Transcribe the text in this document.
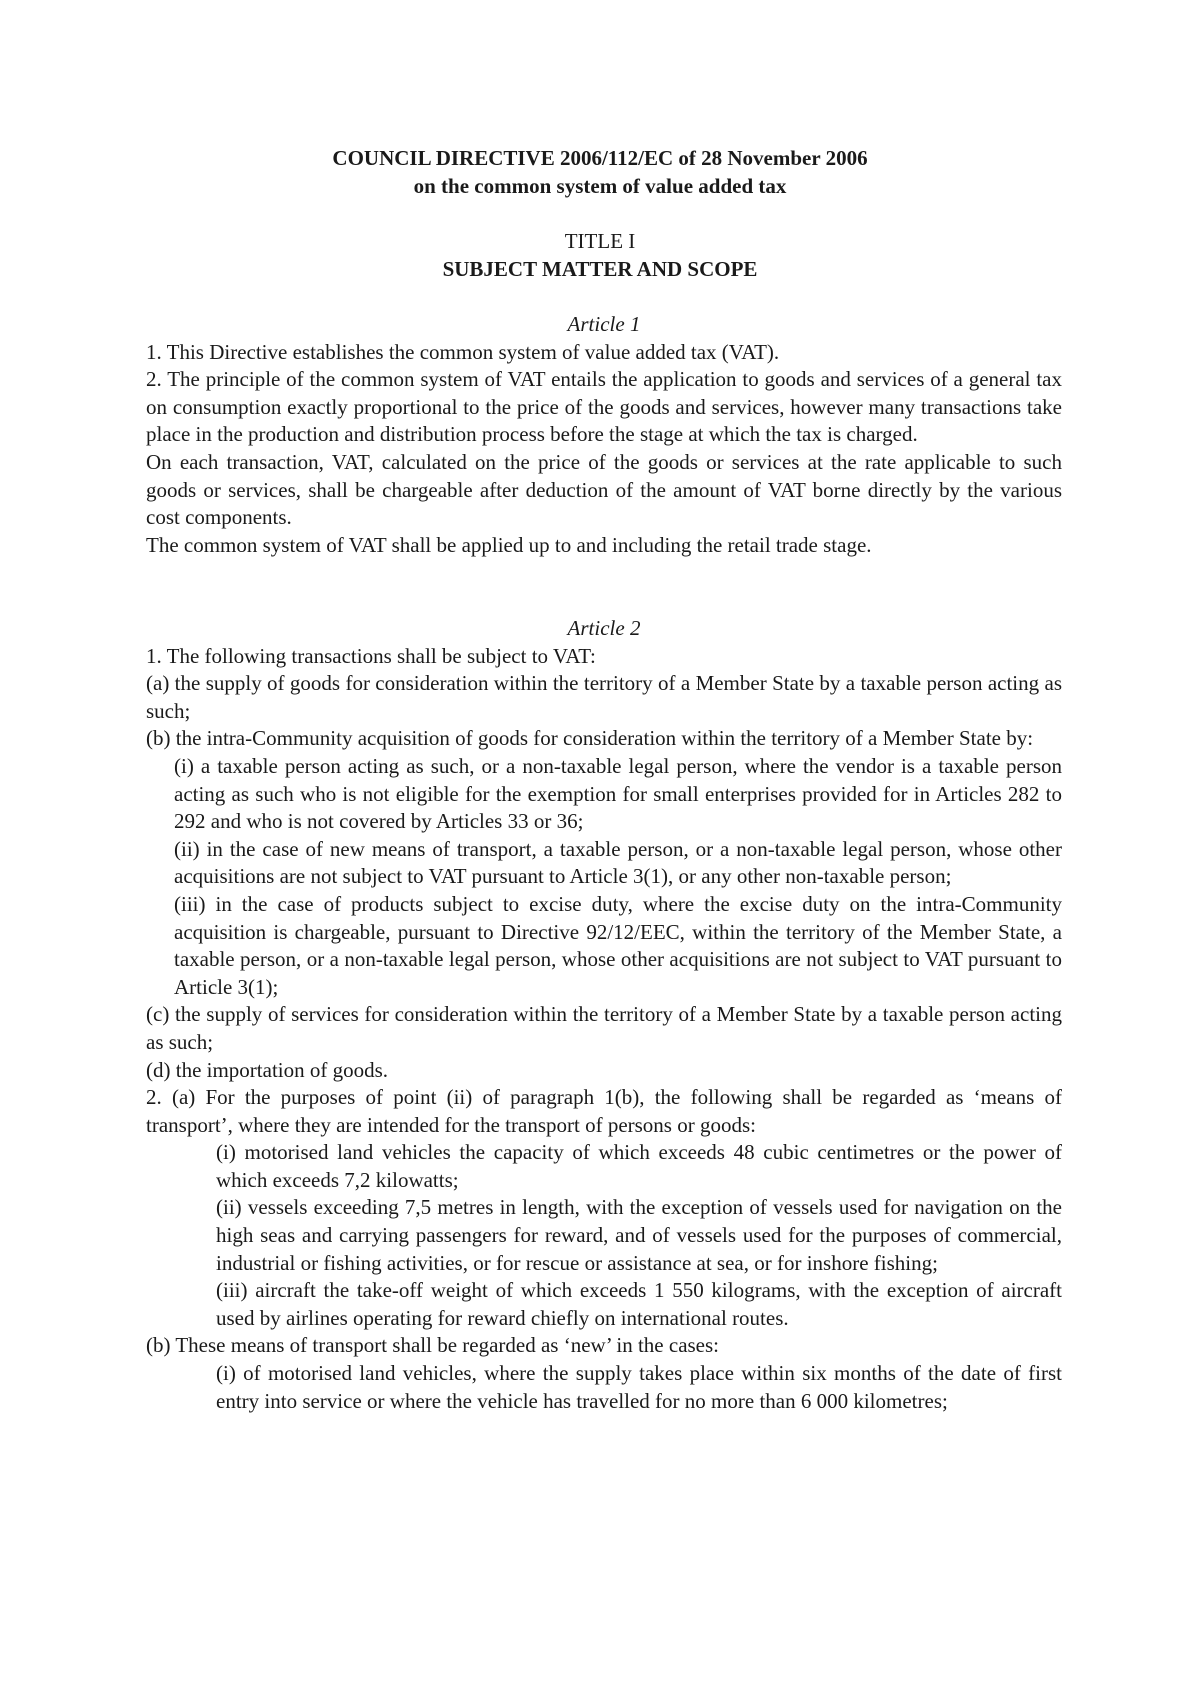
COUNCIL DIRECTIVE 2006/112/EC of 28 November 2006
on the common system of value added tax
TITLE I
SUBJECT MATTER AND SCOPE
Article 1
1. This Directive establishes the common system of value added tax (VAT).
2. The principle of the common system of VAT entails the application to goods and services of a general tax on consumption exactly proportional to the price of the goods and services, however many transactions take place in the production and distribution process before the stage at which the tax is charged.
On each transaction, VAT, calculated on the price of the goods or services at the rate applicable to such goods or services, shall be chargeable after deduction of the amount of VAT borne directly by the various cost components.
The common system of VAT shall be applied up to and including the retail trade stage.
Article 2
1. The following transactions shall be subject to VAT:
(a) the supply of goods for consideration within the territory of a Member State by a taxable person acting as such;
(b) the intra-Community acquisition of goods for consideration within the territory of a Member State by:
(i) a taxable person acting as such, or a non-taxable legal person, where the vendor is a taxable person acting as such who is not eligible for the exemption for small enterprises provided for in Articles 282 to 292 and who is not covered by Articles 33 or 36;
(ii) in the case of new means of transport, a taxable person, or a non-taxable legal person, whose other acquisitions are not subject to VAT pursuant to Article 3(1), or any other non-taxable person;
(iii) in the case of products subject to excise duty, where the excise duty on the intra-Community acquisition is chargeable, pursuant to Directive 92/12/EEC, within the territory of the Member State, a taxable person, or a non-taxable legal person, whose other acquisitions are not subject to VAT pursuant to Article 3(1);
(c) the supply of services for consideration within the territory of a Member State by a taxable person acting as such;
(d) the importation of goods.
2. (a) For the purposes of point (ii) of paragraph 1(b), the following shall be regarded as ‘means of transport’, where they are intended for the transport of persons or goods:
(i) motorised land vehicles the capacity of which exceeds 48 cubic centimetres or the power of which exceeds 7,2 kilowatts;
(ii) vessels exceeding 7,5 metres in length, with the exception of vessels used for navigation on the high seas and carrying passengers for reward, and of vessels used for the purposes of commercial, industrial or fishing activities, or for rescue or assistance at sea, or for inshore fishing;
(iii) aircraft the take-off weight of which exceeds 1 550 kilograms, with the exception of aircraft used by airlines operating for reward chiefly on international routes.
(b) These means of transport shall be regarded as ‘new’ in the cases:
(i) of motorised land vehicles, where the supply takes place within six months of the date of first entry into service or where the vehicle has travelled for no more than 6 000 kilometres;
